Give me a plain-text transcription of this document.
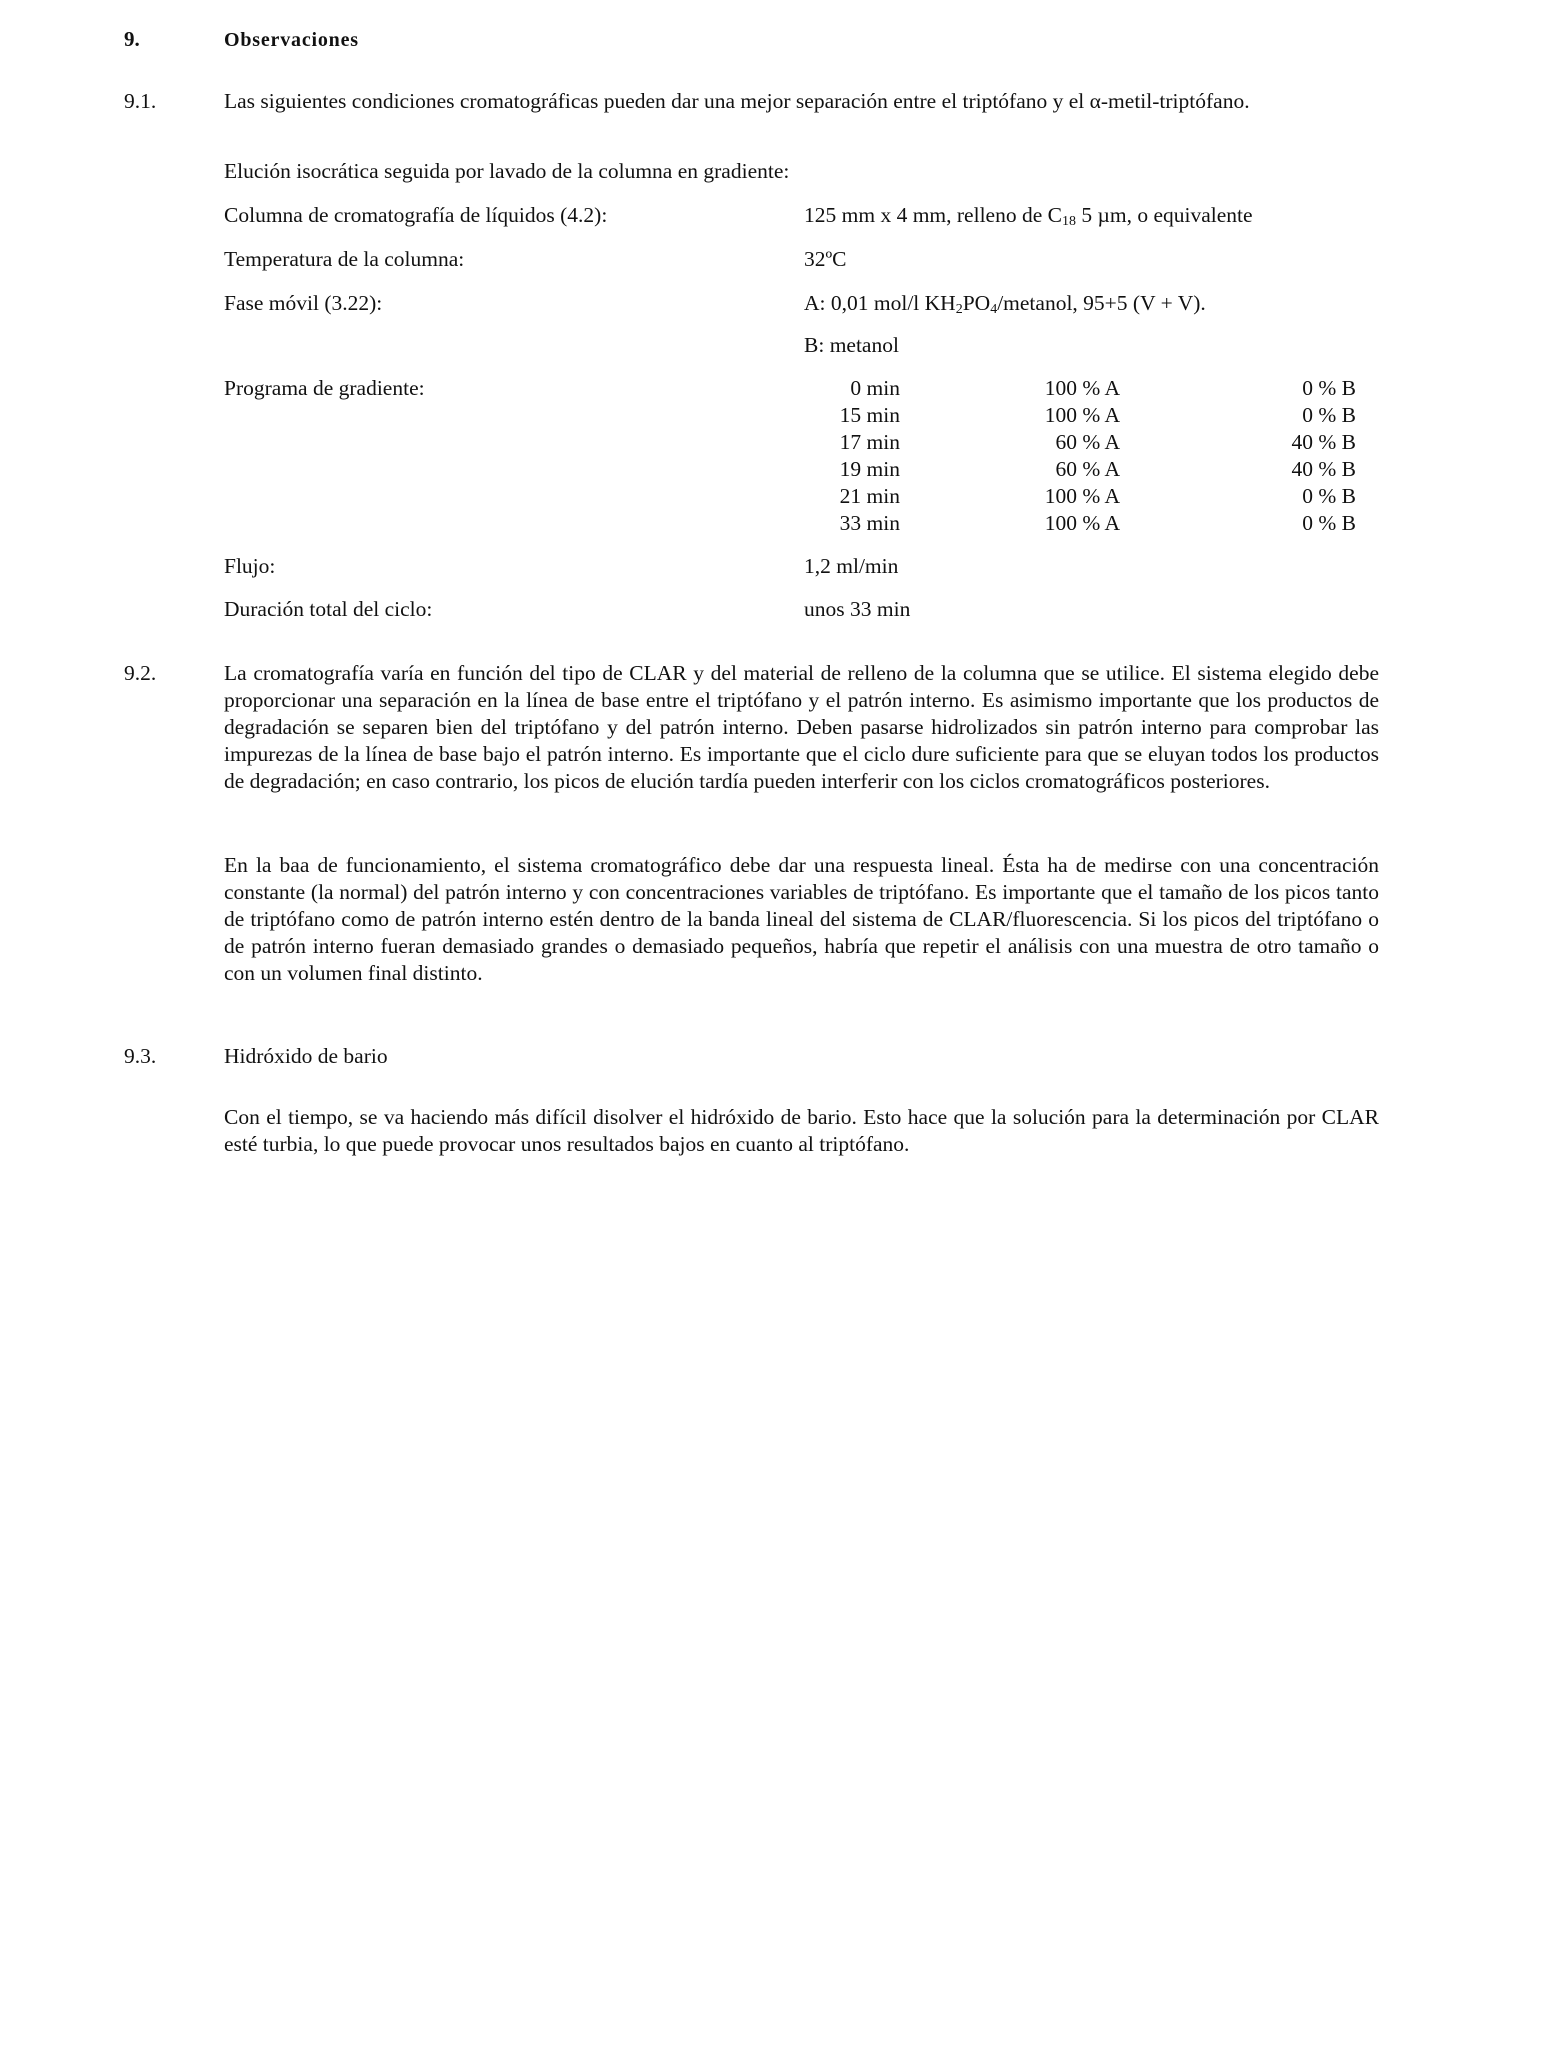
9.	Observaciones
9.1.	Las siguientes condiciones cromatográficas pueden dar una mejor separación entre el triptófano y el α-metil-triptófano.
Elución isocrática seguida por lavado de la columna en gradiente:
Columna de cromatografía de líquidos (4.2):	125 mm x 4 mm, relleno de $C_{18}$ 5 µm, o equivalente
Temperatura de la columna:	32ºC
Fase móvil (3.22):	A: 0,01 mol/l $KH_2PO_4$/metanol, 95+5 (V + V).
B: metanol
Programa de gradiente:	0 min	100 % A	0 % B
15 min	100 % A	0 % B
17 min	60 % A	40 % B
19 min	60 % A	40 % B
21 min	100 % A	0 % B
33 min	100 % A	0 % B
Flujo:	1,2 ml/min
Duración total del ciclo:	unos 33 min
9.2.	La cromatografía varía en función del tipo de CLAR y del material de relleno de la columna que se utilice. El sistema elegido debe proporcionar una separación en la línea de base entre el triptófano y el patrón interno. Es asimismo importante que los productos de degradación se separen bien del triptófano y del patrón interno. Deben pasarse hidrolizados sin patrón interno para comprobar las impurezas de la línea de base bajo el patrón interno. Es importante que el ciclo dure suficiente para que se eluyan todos los productos de degradación; en caso contrario, los picos de elución tardía pueden interferir con los ciclos cromatográficos posteriores.
En la baa de funcionamiento, el sistema cromatográfico debe dar una respuesta lineal. Ésta ha de medirse con una concentración constante (la normal) del patrón interno y con concentraciones variables de triptófano. Es importante que el tamaño de los picos tanto de triptófano como de patrón interno estén dentro de la banda lineal del sistema de CLAR/fluorescencia. Si los picos del triptófano o de patrón interno fueran demasiado grandes o demasiado pequeños, habría que repetir el análisis con una muestra de otro tamaño o con un volumen final distinto.
9.3.	Hidróxido de bario
Con el tiempo, se va haciendo más difícil disolver el hidróxido de bario. Esto hace que la solución para la determinación por CLAR esté turbia, lo que puede provocar unos resultados bajos en cuanto al triptófano.
